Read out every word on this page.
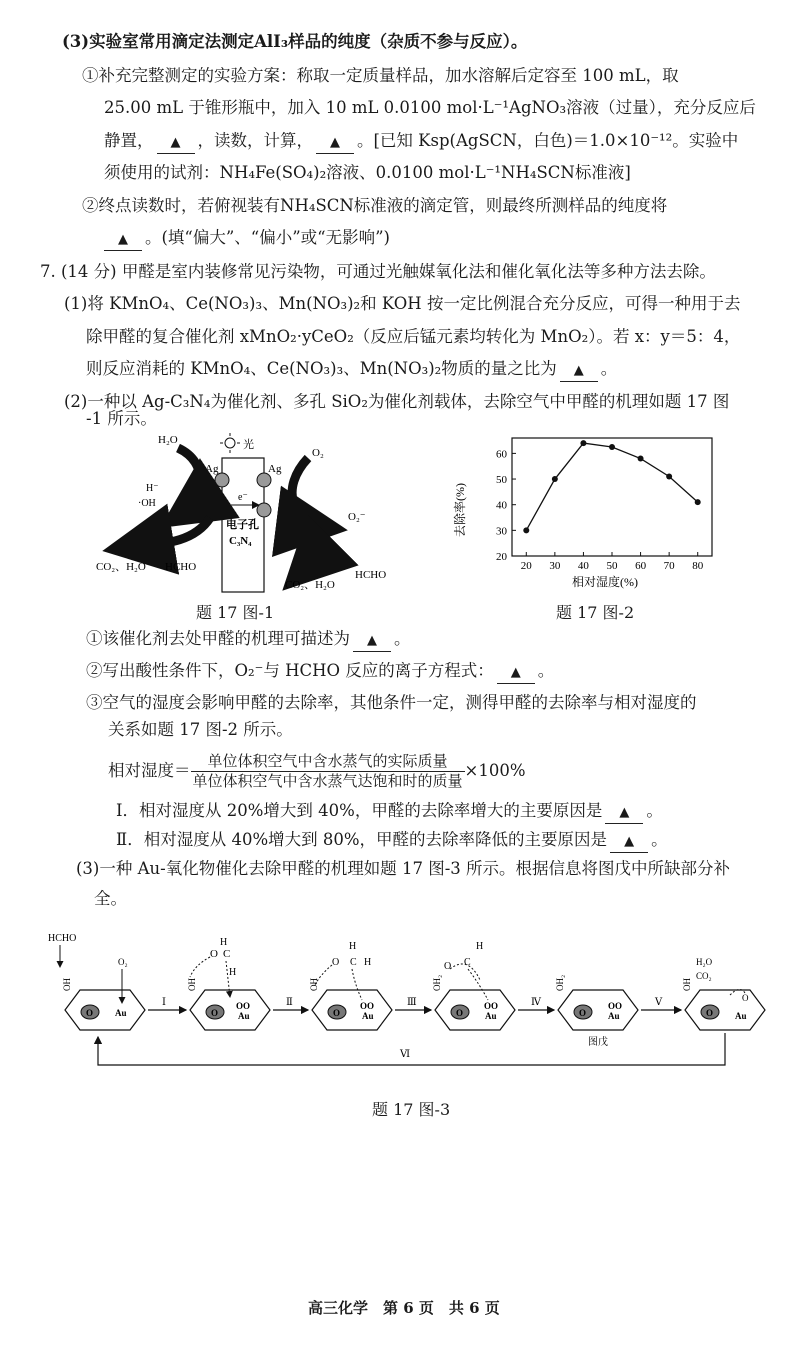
(3)实验室常用滴定法测定AlI₃样品的纯度（杂质不参与反应）。
①补充完整测定的实验方案：称取一定质量样品，加水溶解后定容至 100 mL，取
25.00 mL 于锥形瓶中，加入 10 mL 0.0100 mol·L⁻¹AgNO₃溶液（过量），充分反应后
静置， ▲ ，读数，计算， ▲ 。[已知 Ksp(AgSCN，白色)＝1.0×10⁻¹²。实验中
须使用的试剂：NH₄Fe(SO₄)₂溶液、0.0100 mol·L⁻¹NH₄SCN标准液]
②终点读数时，若俯视装有NH₄SCN标准液的滴定管，则最终所测样品的纯度将
▲ 。(填“偏大”、“偏小”或“无影响”)
7. (14 分) 甲醛是室内装修常见污染物，可通过光触媒氧化法和催化氧化法等多种方法去除。
(1)将 KMnO₄、Ce(NO₃)₃、Mn(NO₃)₂和 KOH 按一定比例混合充分反应，可得一种用于去
除甲醛的复合催化剂 xMnO₂·yCeO₂（反应后锰元素均转化为 MnO₂）。若 x：y＝5：4，
则反应消耗的 KMnO₄、Ce(NO₃)₃、Mn(NO₃)₂物质的量之比为 ▲ 。
(2)一种以 Ag-C₃N₄为催化剂、多孔 SiO₂为催化剂载体，去除空气中甲醛的机理如题 17 图
-1 所示。
光
Ag	Ag
e⁻
电子孔
C₃N₄
H₂O
H⁻
·OH
HCHO
CO₂、H₂O
O₂
O₂⁻
HCHO
CO₂、H₂O
题 17 图-1
20 30 40 50 60 70 80
20
30
40
50
60
相对湿度(%)
去除率(%)
题 17 图-2
①该催化剂去处甲醛的机理可描述为 ▲ 。
②写出酸性条件下，O₂⁻与 HCHO 反应的离子方程式： ▲ 。
③空气的湿度会影响甲醛的去除率，其他条件一定，测得甲醛的去除率与相对湿度的
关系如题 17 图-2 所示。
相对湿度＝ $\frac{\text{单位体积空气中含水蒸气的实际质量}}{\text{单位体积空气中含水蒸气达饱和时的质量}} \times 100\%$
Ⅰ．相对湿度从 20%增大到 40%，甲醛的去除率增大的主要原因是 ▲ 。
Ⅱ．相对湿度从 40%增大到 80%，甲醛的去除率降低的主要原因是 ▲ 。
(3)一种 Au-氧化物催化去除甲醛的机理如题 17 图-3 所示。根据信息将图戊中所缺部分补
全。
O	O	O	O	O	O
Au	Au	Au	Au	Au	Au
OO	OO	OO	OO
OH	OH	OH	OH₂	OH₂	OH
HCHO
O₂
O C
H
H
O C H
H
O C
H
H₂O
CO₂
O
Ⅰ	Ⅱ	Ⅲ	Ⅳ	Ⅴ
Ⅵ
图戊
题 17 图-3
高三化学　第 6 页　共 6 页
